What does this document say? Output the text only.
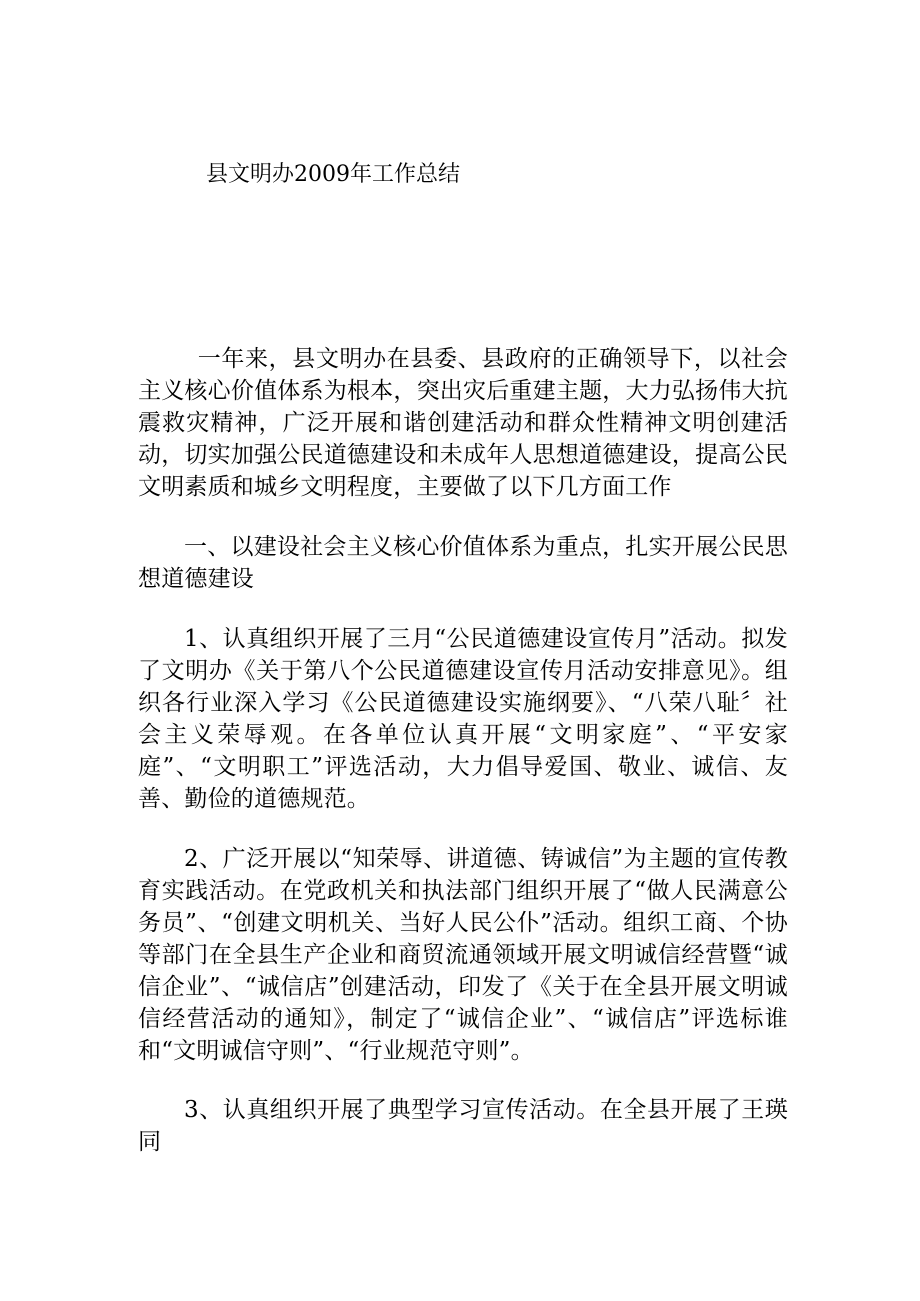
县文明办2009年工作总结

一年来，县文明办在县委、县政府的正确领导下，以社会主义核心价值体系为根本，突出灾后重建主题，大力弘扬伟大抗震救灾精神，广泛开展和谐创建活动和群众性精神文明创建活动，切实加强公民道德建设和未成年人思想道德建设，提高公民文明素质和城乡文明程度，主要做了以下几方面工作

一、以建设社会主义核心价值体系为重点，扎实开展公民思想道德建设

1、认真组织开展了三月“公民道德建设宣传月”活动。拟发了文明办《关于第八个公民道德建设宣传月活动安排意见》。组织各行业深入学习《公民道德建设实施纲要》、“八荣八耻〞社会主义荣辱观。在各单位认真开展“文明家庭”、“平安家庭”、“文明职工”评选活动，大力倡导爱国、敬业、诚信、友善、勤俭的道德规范。

2、广泛开展以“知荣辱、讲道德、铸诚信”为主题的宣传教育实践活动。在党政机关和执法部门组织开展了“做人民满意公务员”、“创建文明机关、当好人民公仆”活动。组织工商、个协等部门在全县生产企业和商贸流通领域开展文明诚信经营暨“诚信企业”、“诚信店”创建活动，印发了《关于在全县开展文明诚信经营活动的通知》，制定了“诚信企业”、“诚信店”评选标谁和“文明诚信守则”、“行业规范守则”。

3、认真组织开展了典型学习宣传活动。在全县开展了王瑛同
